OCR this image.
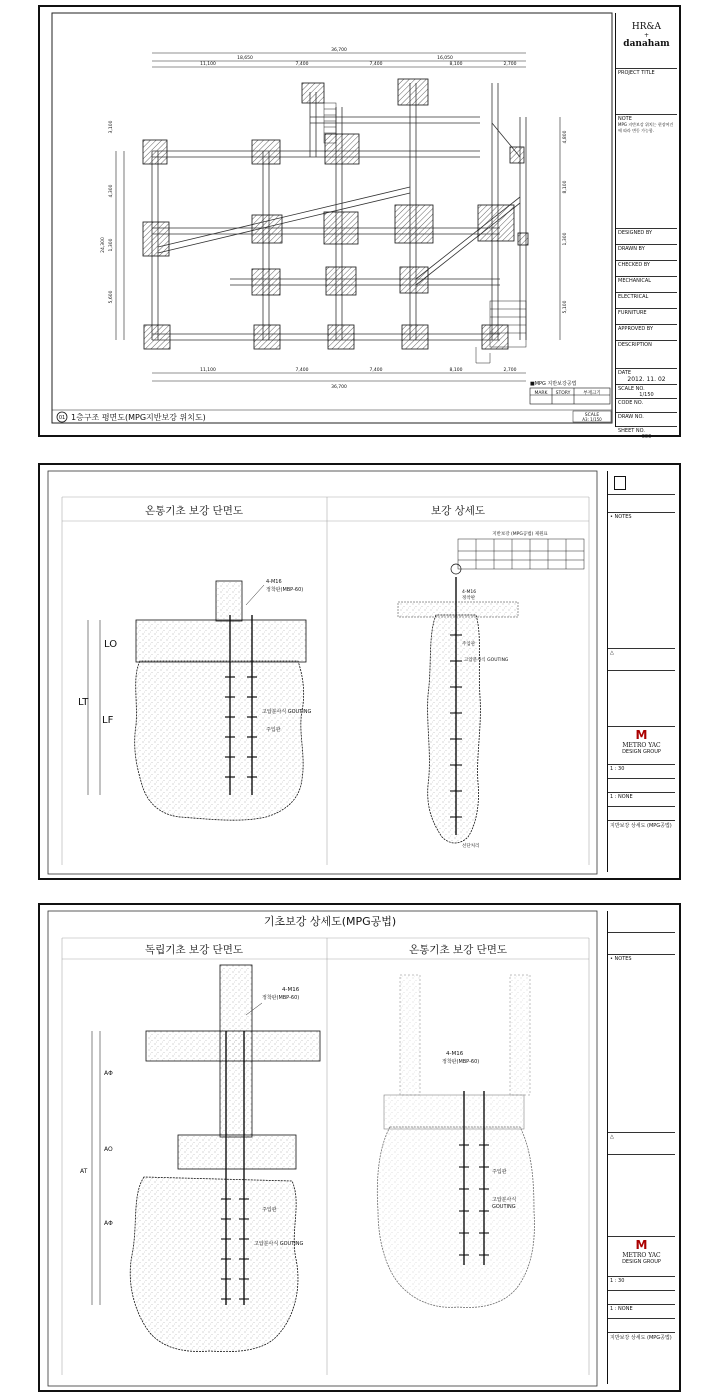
36,700
18,650	16,050
11,100	7,400	7,400	8,100	2,700
11,100	7,400	7,400	8,100	2,700
36,700
4,300
3,100
1,300
5,600
24,300
4,800
8,100
1,300
5,100
■MPG 지반보강공법
MARK STORY	부재크기
01 1층구조 평면도(MPG지반보강 위치도)	SCALE
A3: 1/150
HR&A
+
danaham
PROJECT TITLE
NOTE
MPG 지반보강 위치는 현장여건에 따라 변동 가능함.
DESIGNED BY
DRAWN BY
CHECKED BY
MECHANICAL
ELECTRICAL
FURNITURE
APPROVED BY
DESCRIPTION
DATE
2012. 11. 02
SCALE NO.
1/150
CODE NO.
DRAW NO.
SHEET NO.
000
온통기초 보강 단면도	보강 상세도
4-M16
정착판(MBP-60)
고압분사식 GOUTING
주입관
LO
LT
LF
4-M16
정착판
주입관
고압분사식 GOUTING
선단처리
지반보강 (MPG공법) 제원표
• NOTES
△
M
METRO YAC
DESIGN GROUP
1 : 30
1 : NONE
지반보강 상세도 (MPG공법)
기초보강 상세도(MPG공법)
독립기초 보강 단면도	온통기초 보강 단면도
4-M16
정착판(MBP-60)
주입관
고압분사식 GOUTING
AΦ
AO
AT
AΦ
4-M16
정착판(MBP-60)
주입관
고압분사식
GOUTING
• NOTES
△
M
METRO YAC
DESIGN GROUP
1 : 30
1 : NONE
지반보강 상세도 (MPG공법)
